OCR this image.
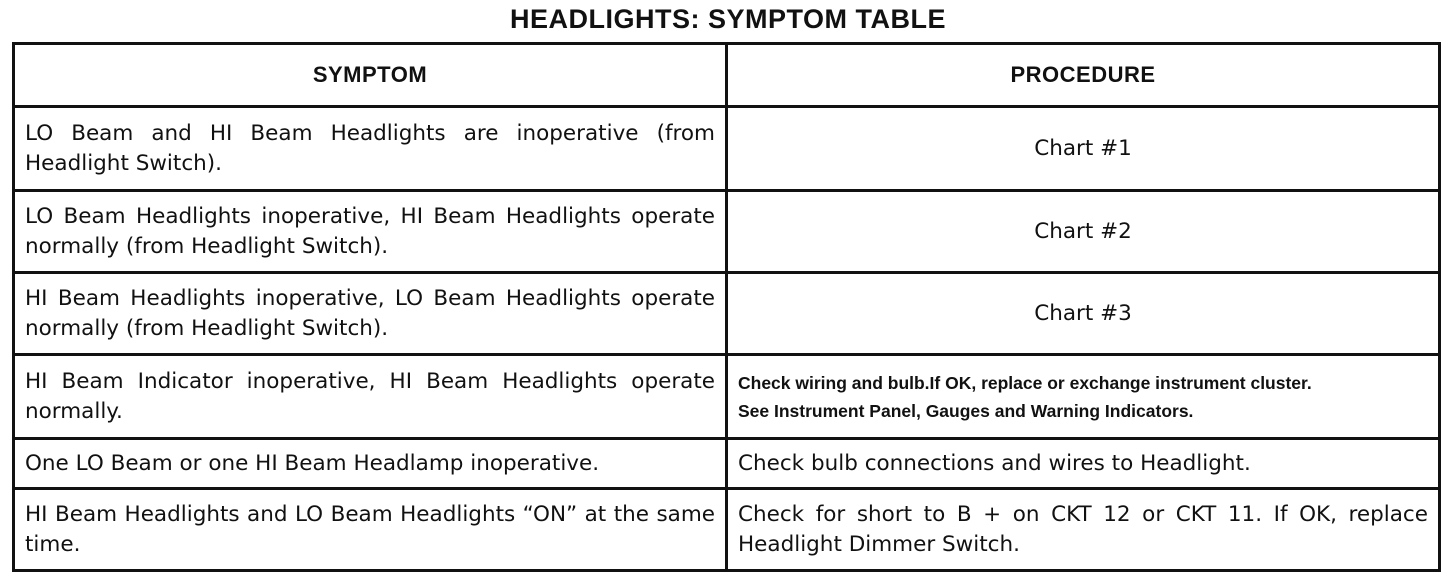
HEADLIGHTS: SYMPTOM TABLE
SYMPTOM	PROCEDURE
LO Beam and HI Beam Headlights are inoperative (from Headlight Switch).	Chart #1
LO Beam Headlights inoperative, HI Beam Headlights operate normally (from Headlight Switch).	Chart #2
HI Beam Headlights inoperative, LO Beam Headlights operate normally (from Headlight Switch).	Chart #3
HI Beam Indicator inoperative, HI Beam Headlights operate normally.	Check wiring and bulb.If OK, replace or exchange instrument cluster.
See Instrument Panel, Gauges and Warning Indicators.

One LO Beam or one HI Beam Headlamp inoperative.	Check bulb connections and wires to Headlight.
HI Beam Headlights and LO Beam Headlights “ON” at the same time.	Check for short to B + on CKT 12 or CKT 11. If OK, replace Headlight Dimmer Switch.
